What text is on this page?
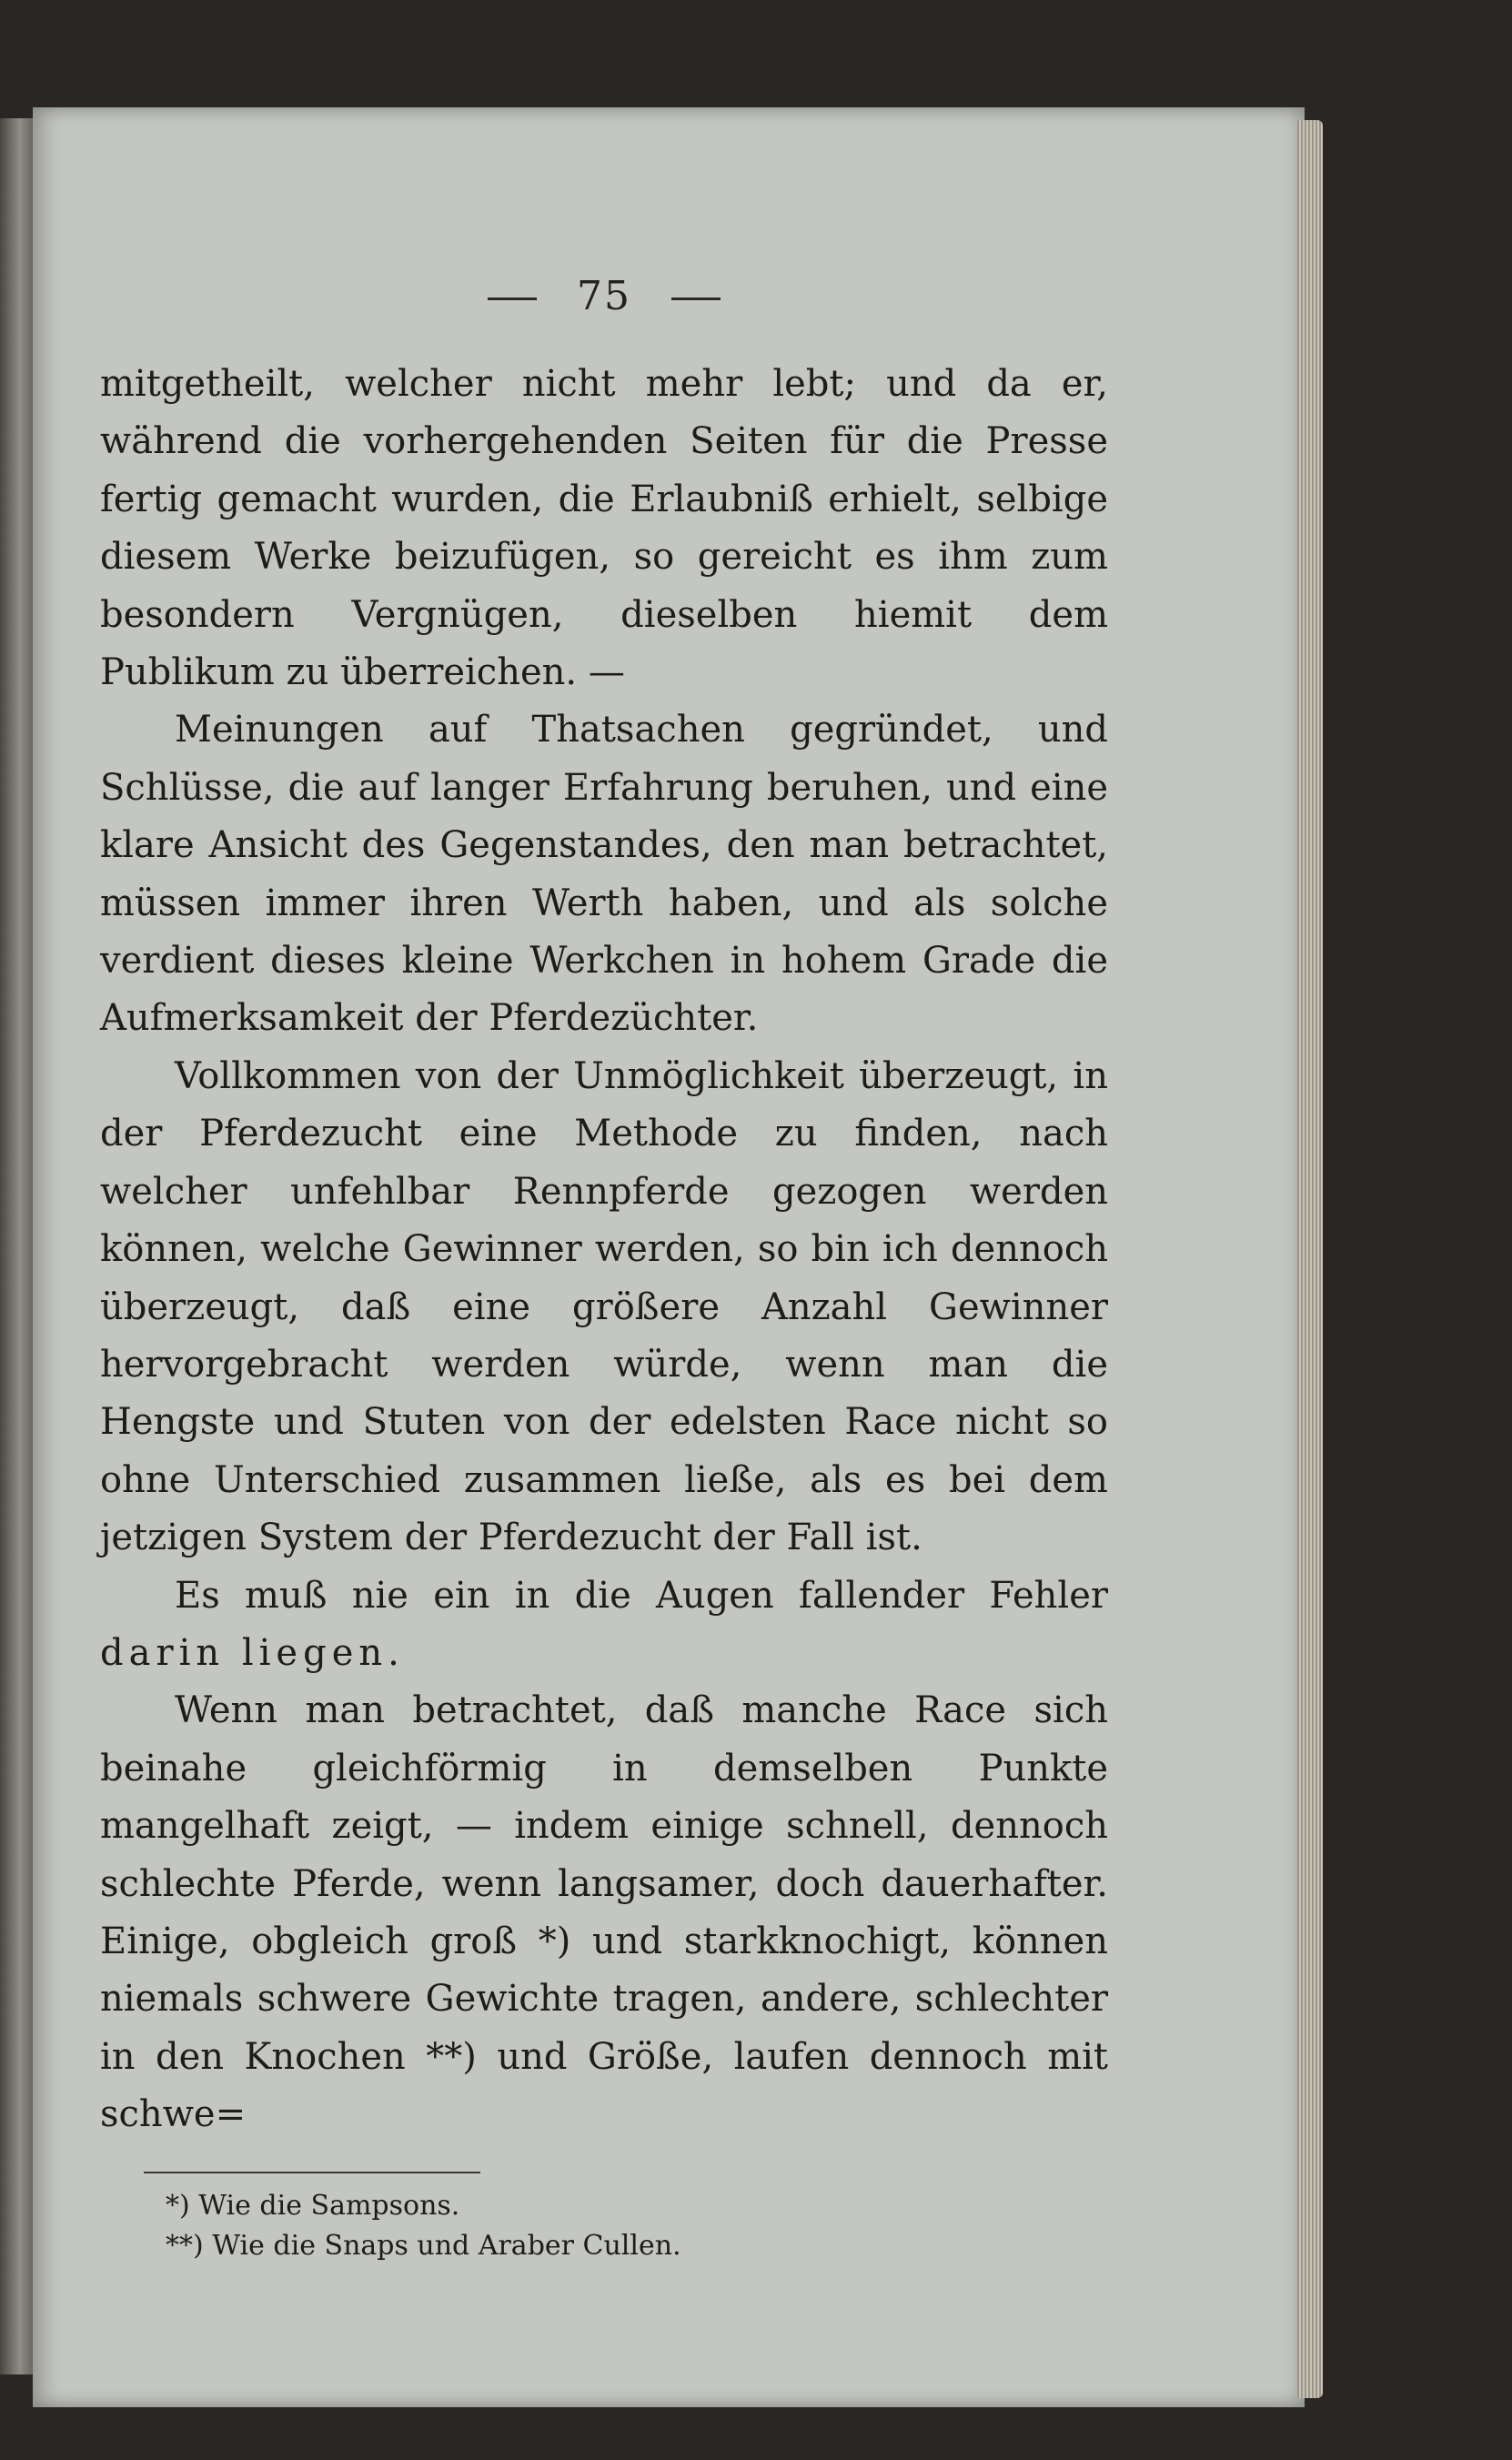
75

mitgetheilt, welcher nicht mehr lebt; und da er, während die vorhergehenden Seiten für die Presse fertig gemacht wurden, die Erlaubniß erhielt, selbige diesem Werke beizufügen, so gereicht es ihm zum besondern Vergnügen, dieselben hiemit dem Publikum zu überreichen. —

Meinungen auf Thatsachen gegründet, und Schlüsse, die auf langer Erfahrung beruhen, und eine klare Ansicht des Gegenstandes, den man betrachtet, müssen immer ihren Werth haben, und als solche verdient dieses kleine Werkchen in hohem Grade die Aufmerksamkeit der Pferdezüchter.

Vollkommen von der Unmöglichkeit überzeugt, in der Pferdezucht eine Methode zu finden, nach welcher unfehlbar Rennpferde gezogen werden können, welche Gewinner werden, so bin ich dennoch überzeugt, daß eine größere Anzahl Gewinner hervorgebracht werden würde, wenn man die Hengste und Stuten von der edelsten Race nicht so ohne Unterschied zusammen ließe, als es bei dem jetzigen System der Pferdezucht der Fall ist.

Es muß nie ein in die Augen fallender Fehler darin liegen.

Wenn man betrachtet, daß manche Race sich beinahe gleichförmig in demselben Punkte mangelhaft zeigt, — indem einige schnell, dennoch schlechte Pferde, wenn langsamer, doch dauerhafter. Einige, obgleich groß *) und starkknochigt, können niemals schwere Gewichte tragen, andere, schlechter in den Knochen **) und Größe, laufen dennoch mit schwe=

*) Wie die Sampsons.

**) Wie die Snaps und Araber Cullen.
